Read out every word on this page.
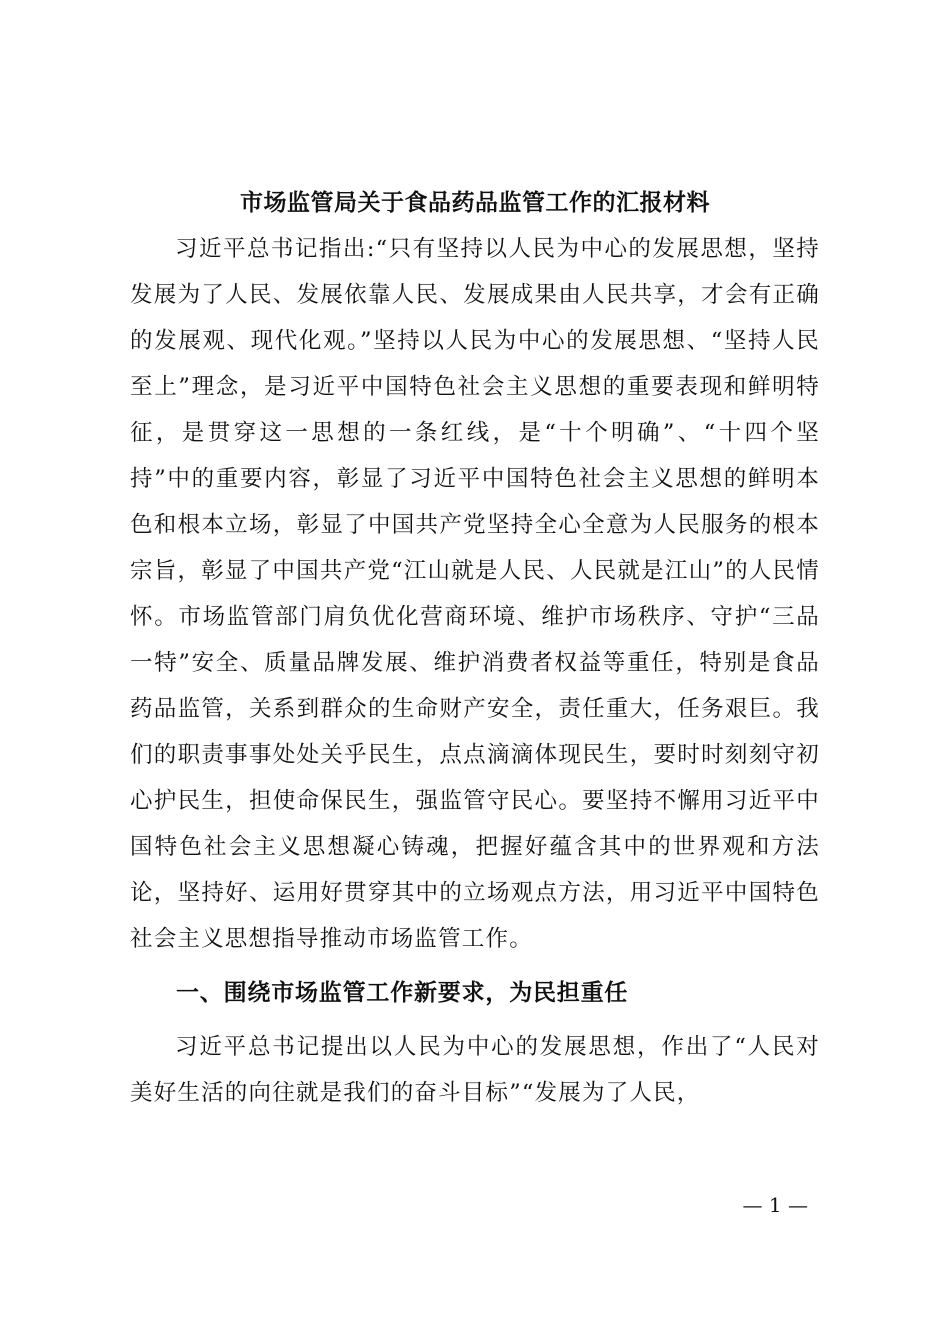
市场监管局关于食品药品监管工作的汇报材料

习近平总书记指出:“只有坚持以人民为中心的发展思想，坚持发展为了人民、发展依靠人民、发展成果由人民共享，才会有正确的发展观、现代化观。”坚持以人民为中心的发展思想、“坚持人民至上”理念，是习近平中国特色社会主义思想的重要表现和鲜明特征，是贯穿这一思想的一条红线，是“十个明确”、“十四个坚持”中的重要内容，彰显了习近平中国特色社会主义思想的鲜明本色和根本立场，彰显了中国共产党坚持全心全意为人民服务的根本宗旨，彰显了中国共产党“江山就是人民、人民就是江山”的人民情怀。市场监管部门肩负优化营商环境、维护市场秩序、守护“三品一特”安全、质量品牌发展、维护消费者权益等重任，特别是食品药品监管，关系到群众的生命财产安全，责任重大，任务艰巨。我们的职责事事处处关乎民生，点点滴滴体现民生，要时时刻刻守初心护民生，担使命保民生，强监管守民心。要坚持不懈用习近平中国特色社会主义思想凝心铸魂，把握好蕴含其中的世界观和方法论，坚持好、运用好贯穿其中的立场观点方法，用习近平中国特色社会主义思想指导推动市场监管工作。

一、围绕市场监管工作新要求，为民担重任

习近平总书记提出以人民为中心的发展思想，作出了“人民对美好生活的向往就是我们的奋斗目标”“发展为了人民，

— 1 —
